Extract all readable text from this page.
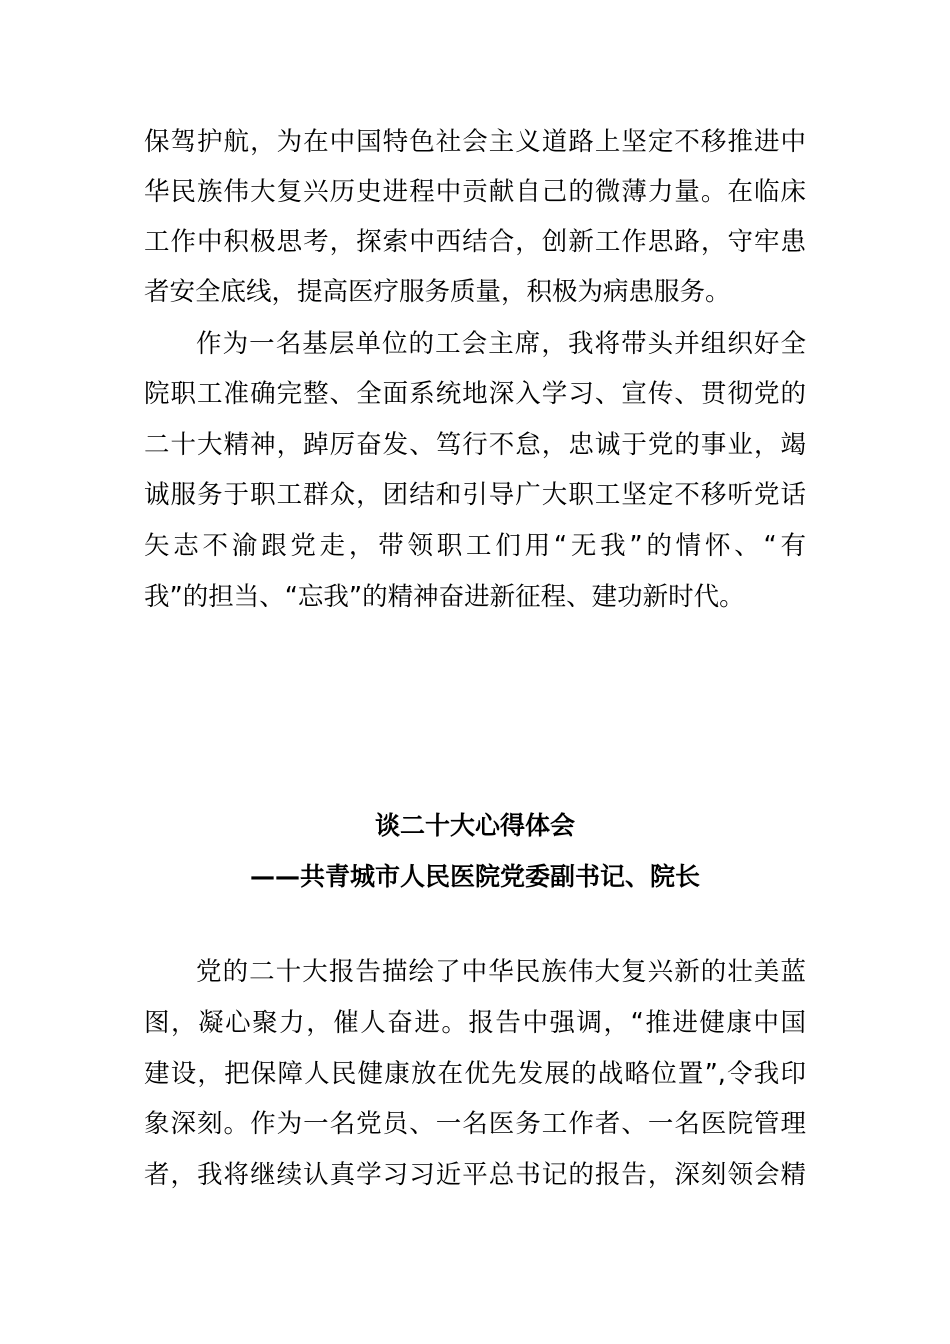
保驾护航，为在中国特色社会主义道路上坚定不移推进中
华民族伟大复兴历史进程中贡献自己的微薄力量。在临床
工作中积极思考，探索中西结合，创新工作思路，守牢患
者安全底线，提高医疗服务质量，积极为病患服务。
作为一名基层单位的工会主席，我将带头并组织好全
院职工准确完整、全面系统地深入学习、宣传、贯彻党的
二十大精神，踔厉奋发、笃行不怠，忠诚于党的事业，竭
诚服务于职工群众，团结和引导广大职工坚定不移听党话
矢志不渝跟党走，带领职工们用“无我”的情怀、“有
我”的担当、“忘我”的精神奋进新征程、建功新时代。
谈二十大心得体会
——共青城市人民医院党委副书记、院长
党的二十大报告描绘了中华民族伟大复兴新的壮美蓝
图，凝心聚力，催人奋进。报告中强调，“推进健康中国
建设，把保障人民健康放在优先发展的战略位置”,令我印
象深刻。作为一名党员、一名医务工作者、一名医院管理
者，我将继续认真学习习近平总书记的报告，深刻领会精
